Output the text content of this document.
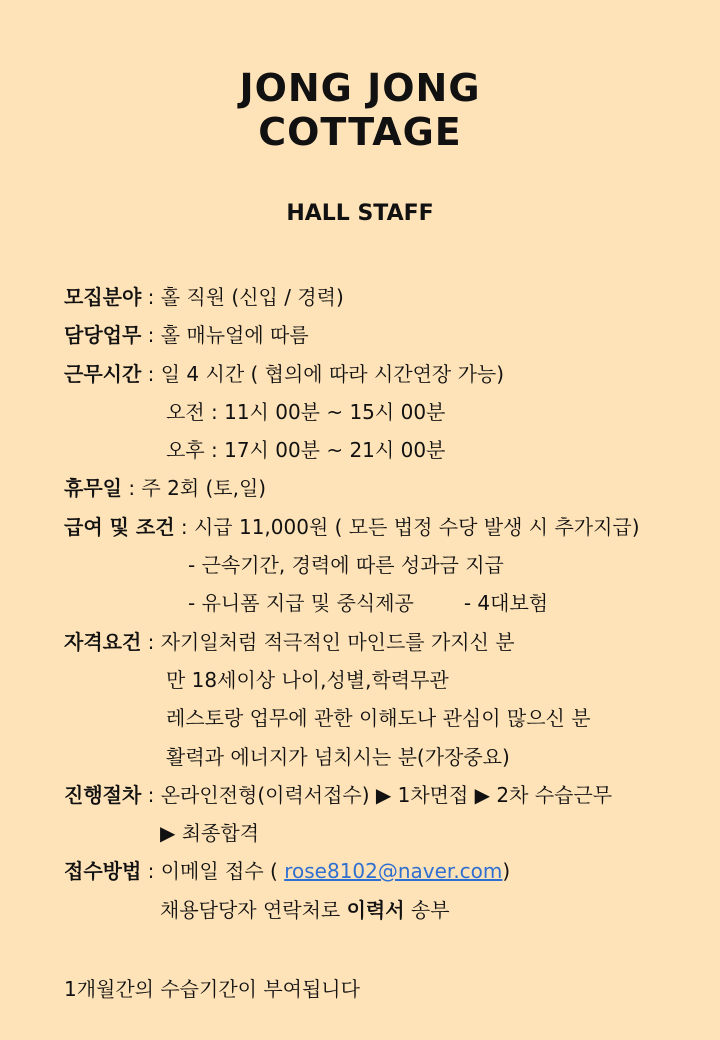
JONG JONG
COTTAGE
HALL STAFF
모집분야 : 홀 직원 (신입 / 경력)
담당업무 : 홀 매뉴얼에 따름
근무시간 : 일 4 시간 ( 협의에 따라 시간연장 가능)
오전 : 11시 00분 ~ 15시 00분
오후 : 17시 00분 ~ 21시 00분
휴무일 : 주 2회 (토,일)
급여 및 조건 : 시급 11,000원 ( 모든 법정 수당 발생 시 추가지급)
- 근속기간, 경력에 따른 성과금 지급
- 유니폼 지급 및 중식제공	- 4대보험
자격요건 : 자기일처럼 적극적인 마인드를 가지신 분
만 18세이상 나이,성별,학력무관
레스토랑 업무에 관한 이해도나 관심이 많으신 분
활력과 에너지가 넘치시는 분(가장중요)
진행절차 : 온라인전형(이력서접수) ▶ 1차면접 ▶ 2차 수습근무
▶ 최종합격
접수방법 : 이메일 접수 ( rose8102@naver.com)
채용담당자 연락처로 이력서 송부
1개월간의 수습기간이 부여됩니다
